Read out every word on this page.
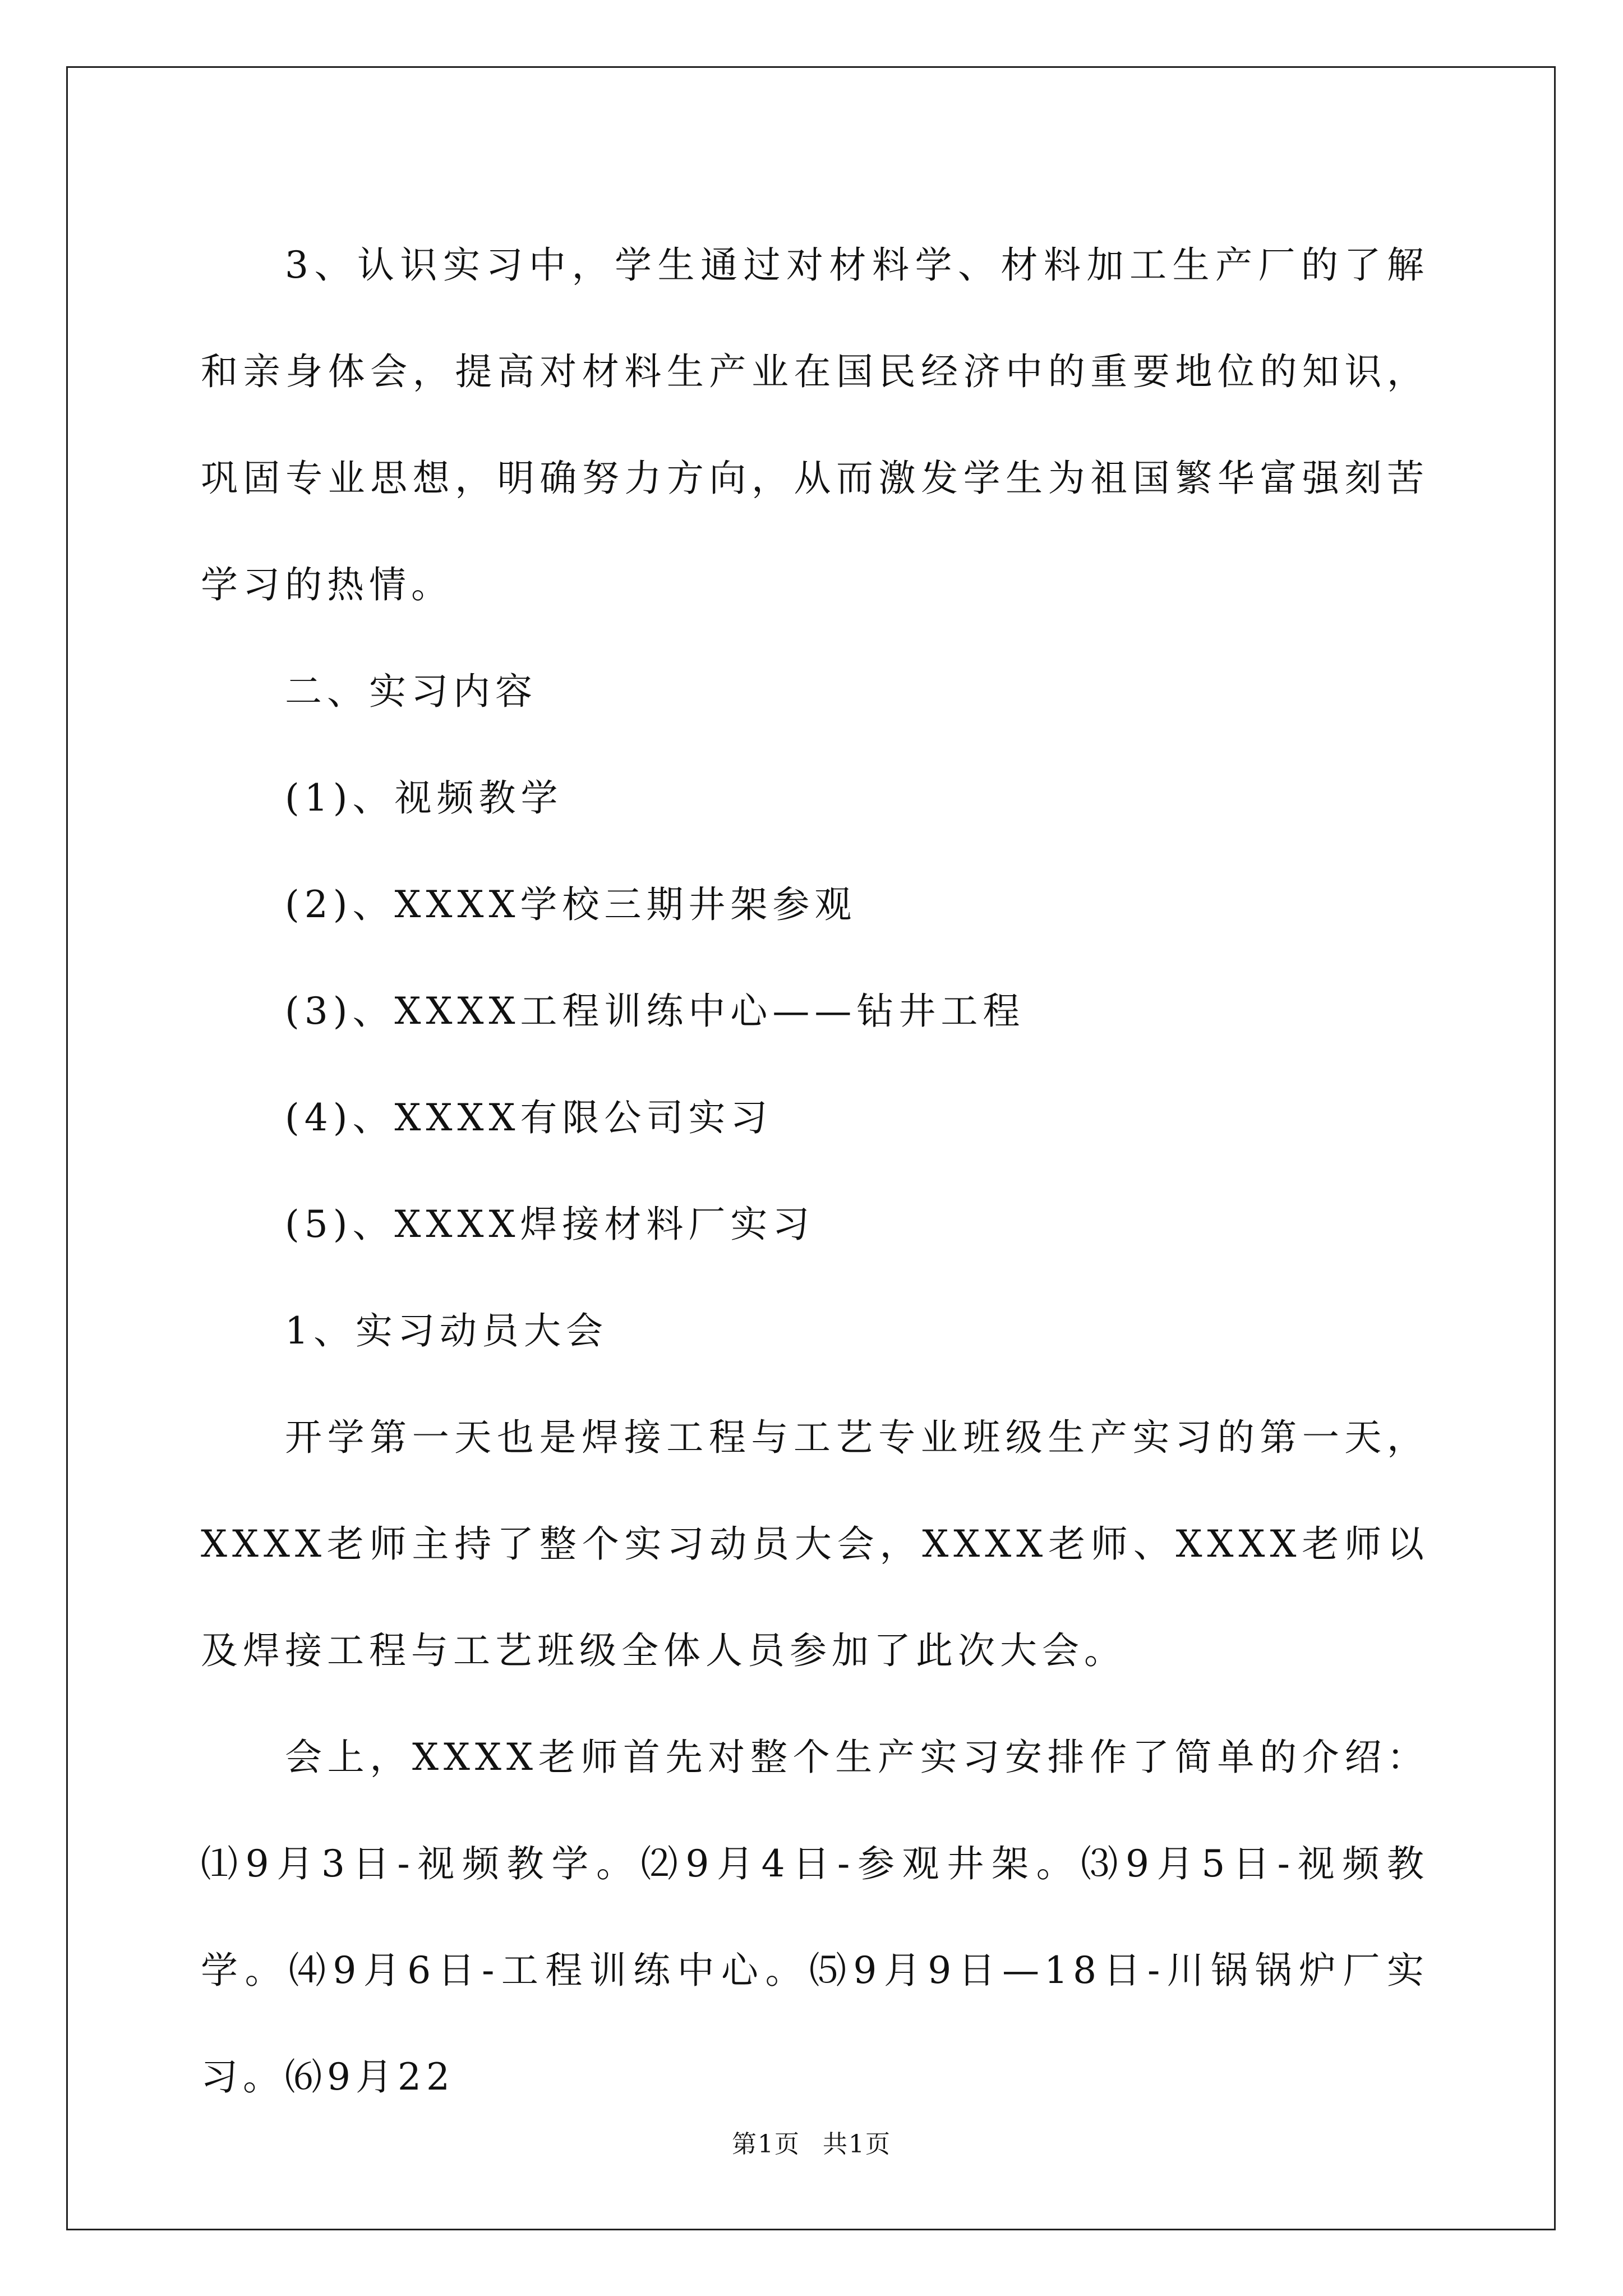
3、认识实习中，学生通过对材料学、材料加工生产厂的了解和亲身体会，提高对材料生产业在国民经济中的重要地位的知识，巩固专业思想，明确努力方向，从而激发学生为祖国繁华富强刻苦学习的热情。

二、实习内容

(1)、视频教学

(2)、XXXX学校三期井架参观

(3)、XXXX工程训练中心——钻井工程

(4)、XXXX有限公司实习

(5)、XXXX焊接材料厂实习

1、实习动员大会

开学第一天也是焊接工程与工艺专业班级生产实习的第一天，XXXX老师主持了整个实习动员大会，XXXX老师、XXXX老师以及焊接工程与工艺班级全体人员参加了此次大会。

会上，XXXX老师首先对整个生产实习安排作了简单的介绍：⑴9月3日-视频教学。⑵9月4日-参观井架。⑶9月5日-视频教学。⑷9月6日-工程训练中心。⑸9月9日—18日-川锅锅炉厂实习。⑹9月22

第1页 共1页
